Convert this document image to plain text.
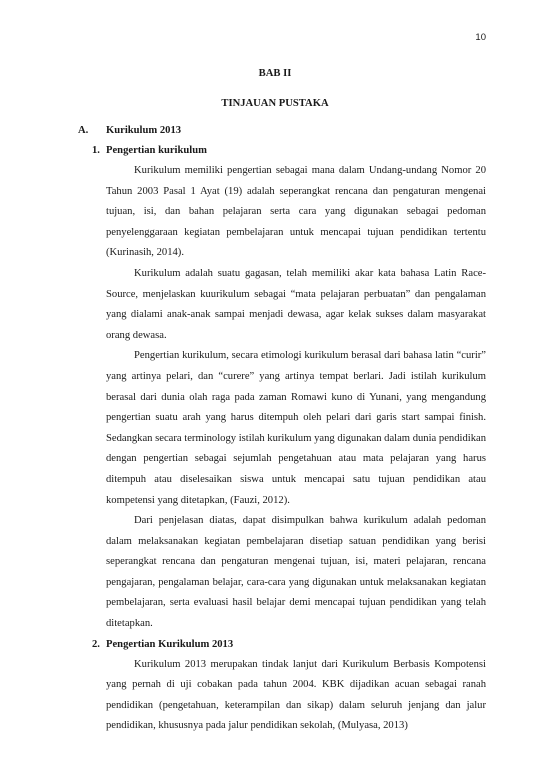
10
BAB II
TINJAUAN PUSTAKA
A.	Kurikulum 2013
1. Pengertian kurikulum

Kurikulum memiliki pengertian sebagai mana dalam Undang-undang Nomor 20 Tahun 2003 Pasal 1 Ayat (19) adalah seperangkat rencana dan pengaturan mengenai tujuan, isi, dan bahan pelajaran serta cara yang digunakan sebagai pedoman penyelenggaraan kegiatan pembelajaran untuk mencapai tujuan pendidikan tertentu (Kurinasih, 2014).

Kurikulum adalah suatu gagasan, telah memiliki akar kata bahasa Latin Race-Source, menjelaskan kuurikulum sebagai “mata pelajaran perbuatan” dan pengalaman yang dialami anak-anak sampai menjadi dewasa, agar kelak sukses dalam masyarakat orang dewasa.

Pengertian kurikulum, secara etimologi kurikulum berasal dari bahasa latin “curir” yang artinya pelari, dan “curere” yang artinya tempat berlari. Jadi istilah kurikulum berasal dari dunia olah raga pada zaman Romawi kuno di Yunani, yang mengandung pengertian suatu arah yang harus ditempuh oleh pelari dari garis start sampai finish. Sedangkan secara terminology istilah kurikulum yang digunakan dalam dunia pendidikan dengan pengertian sebagai sejumlah pengetahuan atau mata pelajaran yang harus ditempuh atau diselesaikan siswa untuk mencapai satu tujuan pendidikan atau kompetensi yang ditetapkan, (Fauzi, 2012).

Dari penjelasan diatas, dapat disimpulkan bahwa kurikulum adalah pedoman dalam melaksanakan kegiatan pembelajaran disetiap satuan pendidikan yang berisi seperangkat rencana dan pengaturan mengenai tujuan, isi, materi pelajaran, rencana pengajaran, pengalaman belajar, cara-cara yang digunakan untuk melaksanakan kegiatan pembelajaran, serta evaluasi hasil belajar demi mencapai tujuan pendidikan yang telah ditetapkan.

2. Pengertian Kurikulum 2013

Kurikulum 2013 merupakan tindak lanjut dari Kurikulum Berbasis Kompotensi yang pernah di uji cobakan pada tahun 2004. KBK dijadikan acuan sebagai ranah pendidikan (pengetahuan, keterampilan dan sikap) dalam seluruh jenjang dan jalur pendidikan, khususnya pada jalur pendidikan sekolah, (Mulyasa, 2013)
